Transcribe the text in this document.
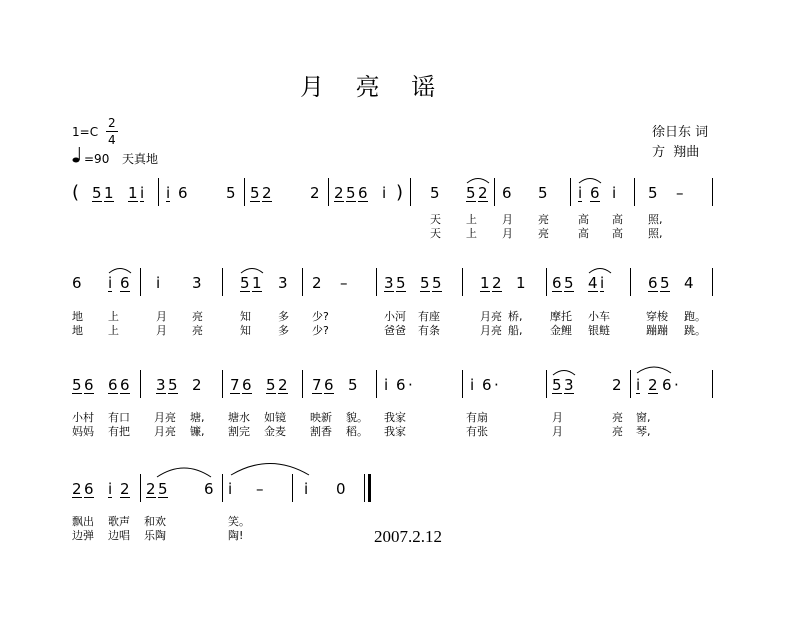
月 亮 谣
1=C
2
4
=90 天真地
徐日东 词
方  翔曲
( 5 1 1 i i 6	5 5 2	2 2 5 6 i ) 5 5 2 6 5 i 6 i 5 –
天 上 月 亮	高 高 照,
天 上 月 亮	高 高 照,
6 i 6 i 3	5 1 3 2 – 3 5 5 5	1 2 1 6 5 4 i	6 5 4
地 上	月 亮	知 多 少?	小河 有座	月亮 桥,	摩托 小车	穿梭 跑。
地 上	月 亮	知 多 少?	爸爸 有条	月亮 船,	金鲤 银鲢	蹦蹦 跳。
5 6 6 6 3 5 2 7 6 5 2 7 6 5 i 6 ·	i 6 ·	5 3	2 i 2 6 ·
小村 有口 月亮 塘, 塘水 如镜 映新 貌。 我家	有扇	月	亮 窗,
妈妈 有把 月亮 镰, 割完 金麦 割香 稻。 我家	有张	月	亮 琴,
2 6 i 2 2 5 6 i –	i 0
飘出 歌声 和欢	笑。
边弹 边唱 乐陶	陶!	2007.2.12
